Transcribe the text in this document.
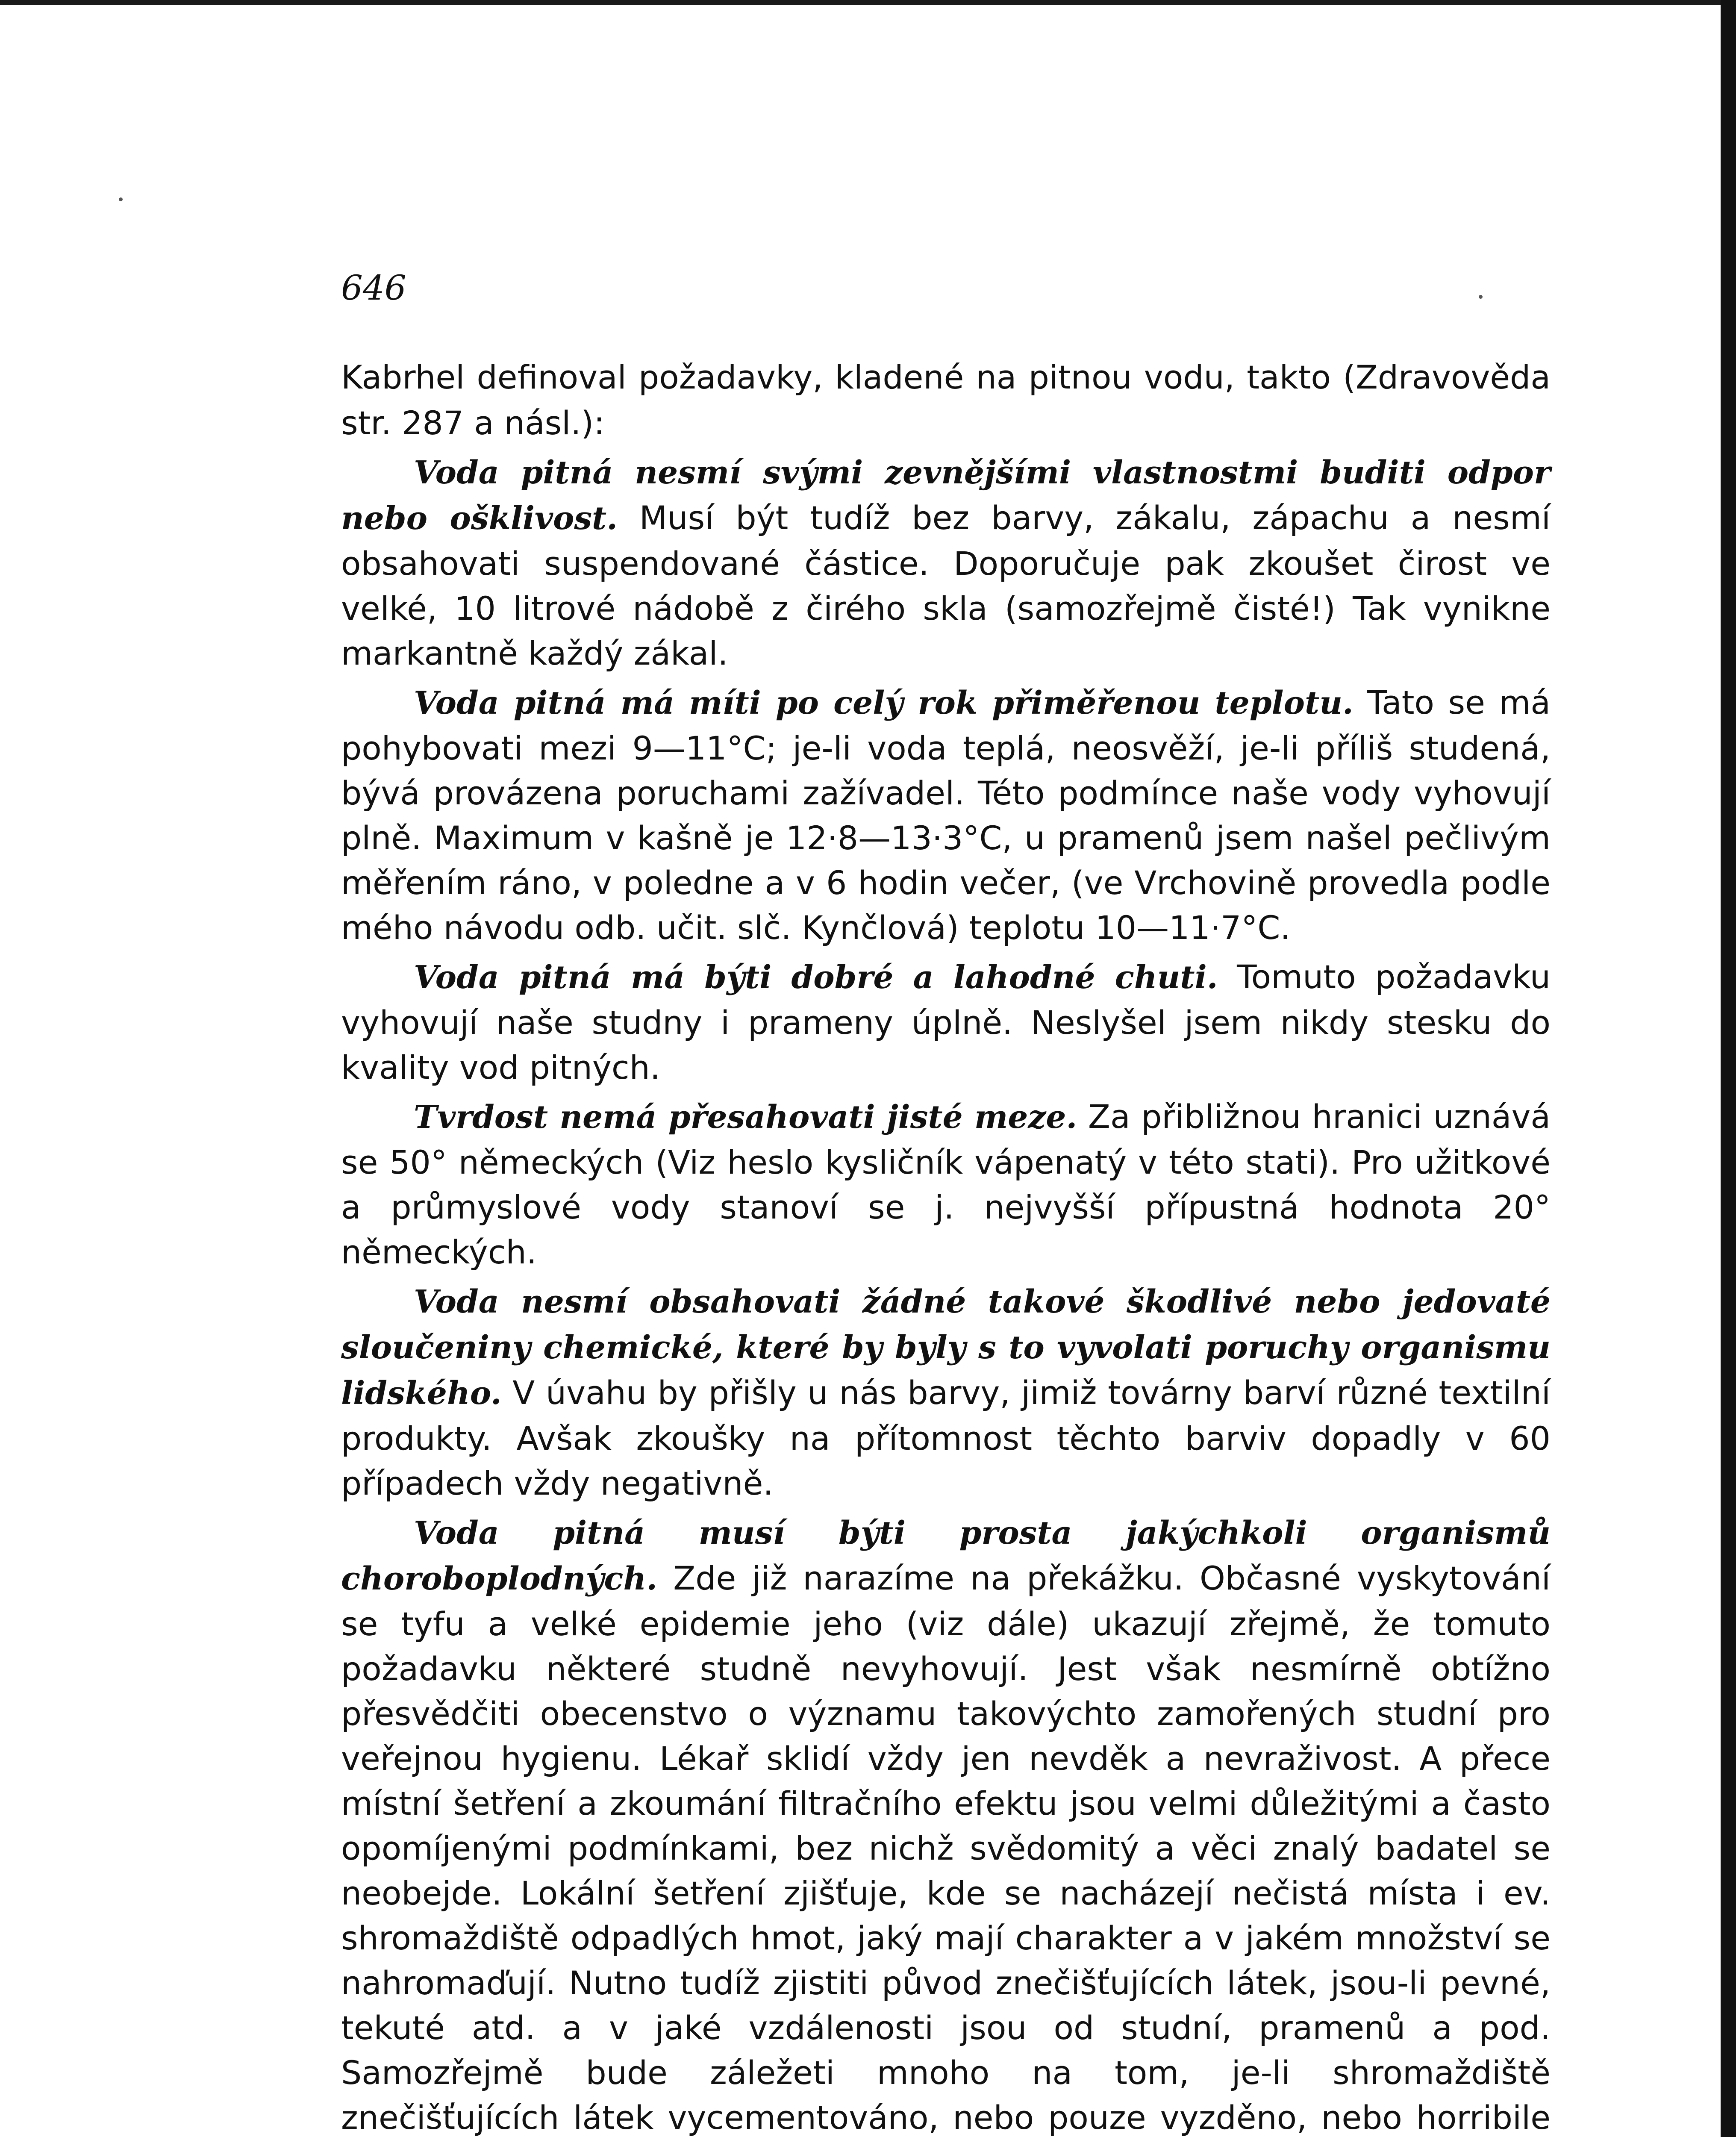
646

Kabrhel definoval požadavky, kladené na pitnou vodu, takto (Zdravověda str. 287 a násl.):

Voda pitná nesmí svými zevnějšími vlastnostmi buditi odpor nebo ošklivost. Musí být tudíž bez barvy, zákalu, zápachu a nesmí obsahovati suspendované částice. Doporučuje pak zkoušet čirost ve velké, 10 litrové nádobě z čirého skla (samozřejmě čisté!) Tak vynikne markantně každý zákal.

Voda pitná má míti po celý rok přiměřenou teplotu. Tato se má pohybovati mezi 9—11°C; je-li voda teplá, neosvěží, je-li příliš studená, bývá provázena poruchami zažívadel. Této podmínce naše vody vyhovují plně. Maximum v kašně je 12·8—13·3°C, u pramenů jsem našel pečlivým měřením ráno, v poledne a v 6 hodin večer, (ve Vrchovině provedla podle mého návodu odb. učit. slč. Kynčlová) teplotu 10—11·7°C.

Voda pitná má býti dobré a lahodné chuti. Tomuto požadavku vyhovují naše studny i prameny úplně. Neslyšel jsem nikdy stesku do kvality vod pitných.

Tvrdost nemá přesahovati jisté meze. Za přibližnou hranici uznává se 50° německých (Viz heslo kysličník vápenatý v této stati). Pro užitkové a průmyslové vody stanoví se j. nejvyšší přípustná hodnota 20° německých.

Voda nesmí obsahovati žádné takové škodlivé nebo jedovaté sloučeniny chemické, které by byly s to vyvolati poruchy organismu lidského. V úvahu by přišly u nás barvy, jimiž továrny barví různé textilní produkty. Avšak zkoušky na přítomnost těchto barviv dopadly v 60 případech vždy negativně.

Voda pitná musí býti prosta jakýchkoli organismů choroboplodných. Zde již narazíme na překážku. Občasné vyskytování se tyfu a velké epidemie jeho (viz dále) ukazují zřejmě, že tomuto požadavku některé studně nevyhovují. Jest však nesmírně obtížno přesvědčiti obecenstvo o významu takovýchto zamořených studní pro veřejnou hygienu. Lékař sklidí vždy jen nevděk a nevraživost. A přece místní šetření a zkoumání filtračního efektu jsou velmi důležitými a často opomíjenými podmínkami, bez nichž svědomitý a věci znalý badatel se neobejde. Lokální šetření zjišťuje, kde se nacházejí nečistá místa i ev. shromaždiště odpadlých hmot, jaký mají charakter a v jakém množství se nahromaďují. Nutno tudíž zjistiti původ znečišťujících látek, jsou-li pevné, tekuté atd. a v jaké vzdálenosti jsou od studní, pramenů a pod. Samozřejmě bude záležeti mnoho na tom, je-li shromaždiště znečišťujících látek vycementováno, nebo pouze vyzděno, nebo horribile
